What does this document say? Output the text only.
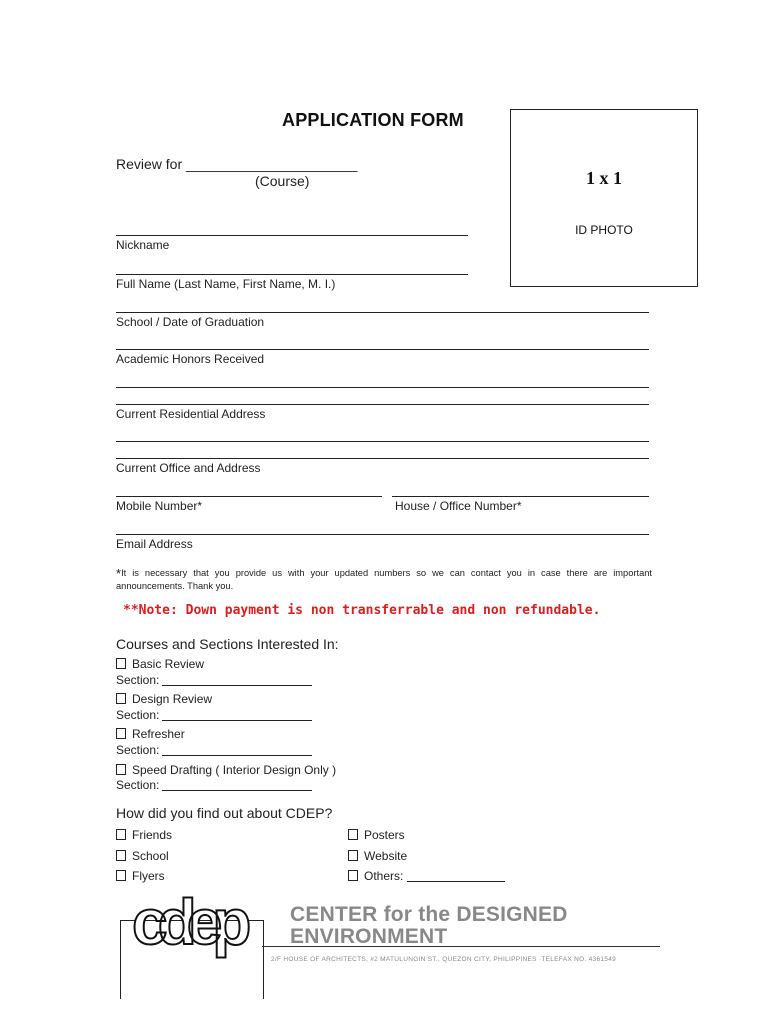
APPLICATION FORM
Review for ______________________
(Course)	1 x 1
ID PHOTO
Nickname
Full Name (Last Name, First Name, M. I.)
School / Date of Graduation
Academic Honors Received
Current Residential Address
Current Office and Address
Mobile Number*	House / Office Number*
Email Address
*It is necessary that you provide us with your updated numbers so we can contact you in case there are important announcements. Thank you.
**Note: Down payment is non transferrable and non refundable.
Courses and Sections Interested In:
Basic Review
Section:
Design Review
Section:
Refresher
Section:
Speed Drafting ( Interior Design Only )
Section:
How did you find out about CDEP?
Friends
School
Flyers
Posters
Website
Others:
cdep	CENTER for the DESIGNED
ENVIRONMENT
2/F HOUSE OF ARCHITECTS, #2 MATULUNGIN ST., QUEZON CITY, PHILIPPINES ·TELEFAX NO. 4361549
